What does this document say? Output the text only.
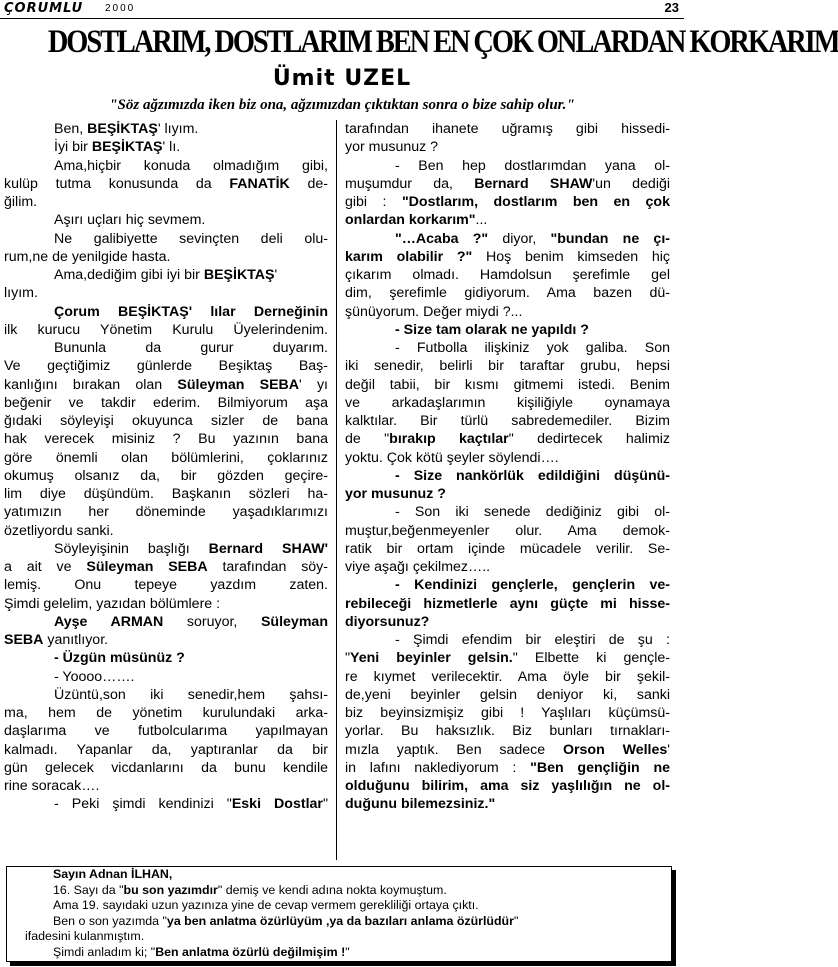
ÇORUMLU 2000	23
DOSTLARIM, DOSTLARIM BEN EN ÇOK ONLARDAN KORKARIM
Ümit UZEL
"Söz ağzımızda iken biz ona, ağzımızdan çıktıktan sonra o bize sahip olur."

Ben, BEŞİKTAŞ' lıyım.

İyi bir BEŞİKTAŞ' lı.

Ama,hiçbir konuda olmadığım gibi,

kulüp tutma konusunda da FANATİK de-

ğilim.

Aşırı uçları hiç sevmem.

Ne galibiyette sevinçten deli olu-

rum,ne de yenilgide hasta.

Ama,dediğim gibi iyi bir BEŞİKTAŞ'

lıyım.

Çorum BEŞİKTAŞ' lılar Derneğinin

ilk kurucu Yönetim Kurulu Üyelerindenim.

Bununla da gurur duyarım.

Ve geçtiğimiz günlerde Beşiktaş Baş-

kanlığını bırakan olan Süleyman SEBA' yı

beğenir ve takdir ederim. Bilmiyorum aşa

ğıdaki söyleyişi okuyunca sizler de bana

hak verecek misiniz ? Bu yazının bana

göre önemli olan bölümlerini, çoklarınız

okumuş olsanız da, bir gözden geçire-

lim diye düşündüm. Başkanın sözleri ha-

yatımızın her döneminde yaşadıklarımızı

özetliyordu sanki.

Söyleyişinin başlığı Bernard SHAW'

a ait ve Süleyman SEBA tarafından söy-

lemiş. Onu tepeye yazdım zaten.

Şimdi gelelim, yazıdan bölümlere :

Ayşe ARMAN soruyor, Süleyman

SEBA yanıtlıyor.

- Üzgün müsünüz ?

- Yoooo…….

Üzüntü,son iki senedir,hem şahsı-

ma, hem de yönetim kurulundaki arka-

daşlarıma ve futbolcularıma yapılmayan

kalmadı. Yapanlar da, yaptıranlar da bir

gün gelecek vicdanlarını da bunu kendile

rine soracak….

- Peki şimdi kendinizi "Eski Dostlar"

tarafından ihanete uğramış gibi hissedi-

yor musunuz ?

- Ben hep dostlarımdan yana ol-

muşumdur da, Bernard SHAW'un dediği

gibi : "Dostlarım, dostlarım ben en çok

onlardan korkarım"...

"…Acaba ?" diyor, "bundan ne çı-

karım olabilir ?" Hoş benim kimseden hiç

çıkarım olmadı. Hamdolsun şerefimle gel

dim, şerefimle gidiyorum. Ama bazen dü-

şünüyorum. Değer miydi ?...

- Size tam olarak ne yapıldı ?

- Futbolla ilişkiniz yok galiba. Son

iki senedir, belirli bir taraftar grubu, hepsi

değil tabii, bir kısmı gitmemi istedi. Benim

ve arkadaşlarımın kişiliğiyle oynamaya

kalktılar. Bir türlü sabredemediler. Bizim

de "bırakıp kaçtılar" dedirtecek halimiz

yoktu. Çok kötü şeyler söylendi….

- Size nankörlük edildiğini düşünü-

yor musunuz ?

- Son iki senede dediğiniz gibi ol-

muştur,beğenmeyenler olur. Ama demok-

ratik bir ortam içinde mücadele verilir. Se-

viye aşağı çekilmez…..

- Kendinizi gençlerle, gençlerin ve-

rebileceği hizmetlerle aynı güçte mi hisse-

diyorsunuz?

- Şimdi efendim bir eleştiri de şu :

"Yeni beyinler gelsin." Elbette ki gençle-

re kıymet verilecektir. Ama öyle bir şekil-

de,yeni beyinler gelsin deniyor ki, sanki

biz beyinsizmişiz gibi ! Yaşlıları küçümsü-

yorlar. Bu haksızlık. Biz bunları tırnakları-

mızla yaptık. Ben sadece Orson Welles'

in lafını naklediyorum : "Ben gençliğin ne

olduğunu bilirim, ama siz yaşlılığın ne ol-

duğunu bilemezsiniz."

Sayın Adnan İLHAN,

16. Sayı da "bu son yazımdır" demiş ve kendi adına nokta koymuştum.

Ama 19. sayıdaki uzun yazınıza yine de cevap vermem gerekliliği ortaya çıktı.

Ben o son yazımda "ya ben anlatma özürlüyüm ,ya da bazıları anlama özürlüdür"

ifadesini kulanmıştım.

Şimdi anladım ki; "Ben anlatma özürlü değilmişim !"
